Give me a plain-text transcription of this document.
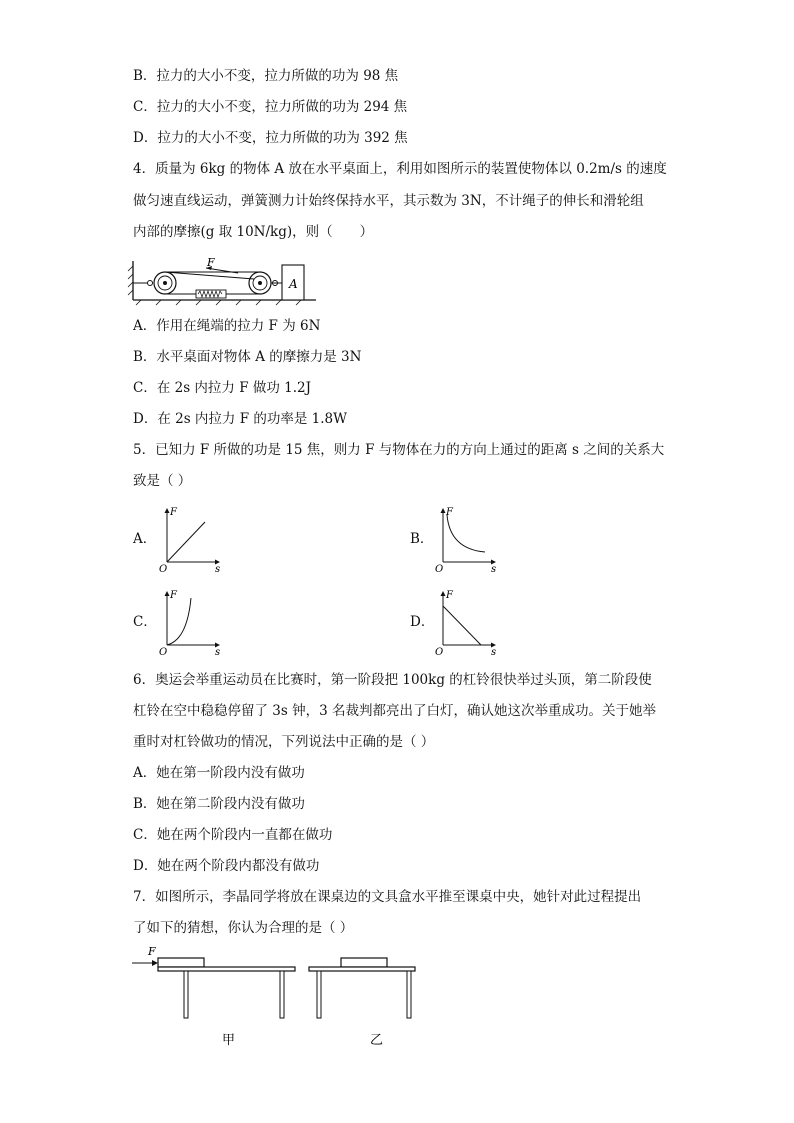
B．拉力的大小不变，拉力所做的功为 98 焦
C．拉力的大小不变，拉力所做的功为 294 焦
D．拉力的大小不变，拉力所做的功为 392 焦
4．质量为 6kg 的物体 A 放在水平桌面上，利用如图所示的装置使物体以 0.2m/s 的速度
做匀速直线运动，弹簧测力计始终保持水平，其示数为 3N，不计绳子的伸长和滑轮组
内部的摩擦(g 取 10N/kg)，则（　　）
A
F
A．作用在绳端的拉力 F 为 6N
B．水平桌面对物体 A 的摩擦力是 3N
C．在 2s 内拉力 F 做功 1.2J
D．在 2s 内拉力 F 的功率是 1.8W
5．已知力 F 所做的功是 15 焦，则力 F 与物体在力的方向上通过的距离 s 之间的关系大
致是（ ）
A．
F
O	s
B．
F
O	s
C．
F
O	s
D．
F
O	s
6．奥运会举重运动员在比赛时，第一阶段把 100kg 的杠铃很快举过头顶，第二阶段使
杠铃在空中稳稳停留了 3s 钟，3 名裁判都亮出了白灯，确认她这次举重成功。关于她举
重时对杠铃做功的情况，下列说法中正确的是（ ）
A．她在第一阶段内没有做功
B．她在第二阶段内没有做功
C．她在两个阶段内一直都在做功
D．她在两个阶段内都没有做功
7．如图所示，李晶同学将放在课桌边的文具盒水平推至课桌中央，她针对此过程提出
了如下的猜想，你认为合理的是（ ）
F
甲	乙
